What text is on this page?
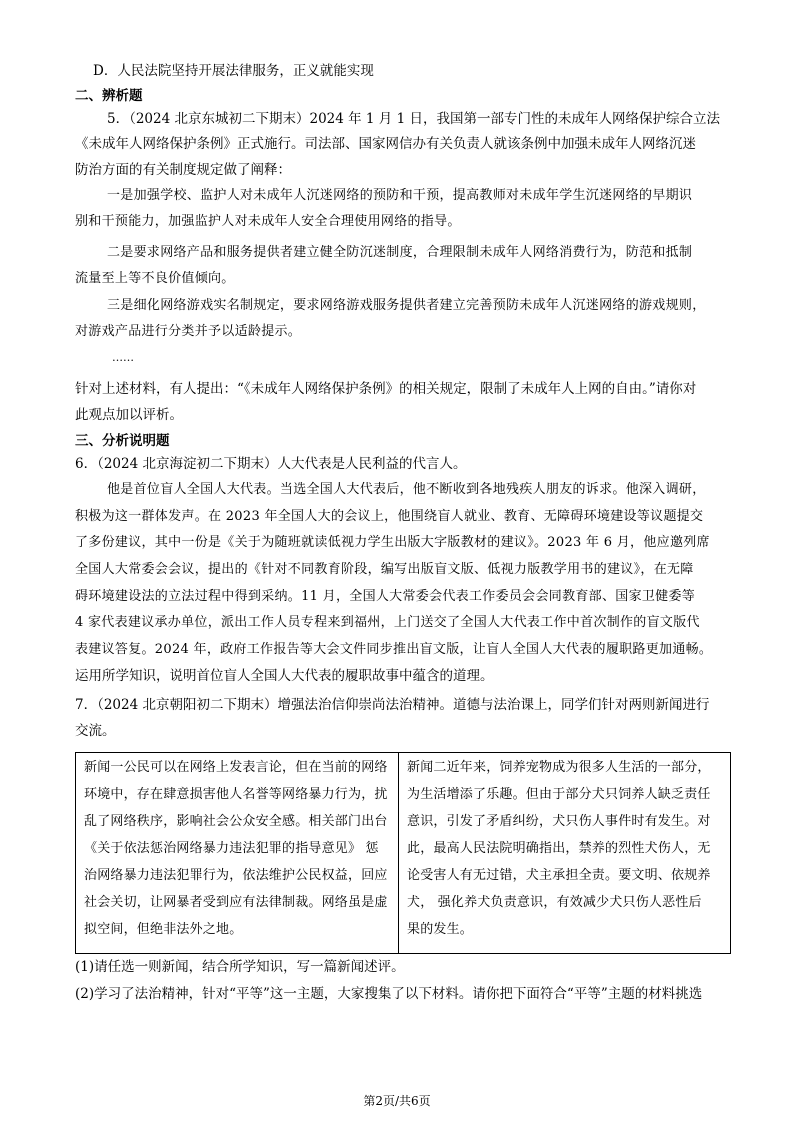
D．人民法院坚持开展法律服务，正义就能实现
二、辨析题
5．（2024 北京东城初二下期末）2024 年 1 月 1 日，我国第一部专门性的未成年人网络保护综合立法
《未成年人网络保护条例》正式施行。司法部、国家网信办有关负责人就该条例中加强未成年人网络沉迷
防治方面的有关制度规定做了阐释：
一是加强学校、监护人对未成年人沉迷网络的预防和干预，提高教师对未成年学生沉迷网络的早期识
别和干预能力，加强监护人对未成年人安全合理使用网络的指导。
二是要求网络产品和服务提供者建立健全防沉迷制度，合理限制未成年人网络消费行为，防范和抵制
流量至上等不良价值倾向。
三是细化网络游戏实名制规定，要求网络游戏服务提供者建立完善预防未成年人沉迷网络的游戏规则，
对游戏产品进行分类并予以适龄提示。
……
针对上述材料，有人提出：“《未成年人网络保护条例》的相关规定，限制了未成年人上网的自由。”请你对
此观点加以评析。
三、分析说明题
6．（2024 北京海淀初二下期末）人大代表是人民利益的代言人。
他是首位盲人全国人大代表。当选全国人大代表后，他不断收到各地残疾人朋友的诉求。他深入调研，
积极为这一群体发声。在 2023 年全国人大的会议上，他围绕盲人就业、教育、无障碍环境建设等议题提交
了多份建议，其中一份是《关于为随班就读低视力学生出版大字版教材的建议》。2023 年 6 月，他应邀列席
全国人大常委会会议，提出的《针对不同教育阶段，编写出版盲文版、低视力版教学用书的建议》，在无障
碍环境建设法的立法过程中得到采纳。11 月，全国人大常委会代表工作委员会会同教育部、国家卫健委等
4 家代表建议承办单位，派出工作人员专程来到福州，上门送交了全国人大代表工作中首次制作的盲文版代
表建议答复。2024 年，政府工作报告等大会文件同步推出盲文版，让盲人全国人大代表的履职路更加通畅。
运用所学知识，说明首位盲人全国人大代表的履职故事中蕴含的道理。
7．（2024 北京朝阳初二下期末）增强法治信仰崇尚法治精神。道德与法治课上，同学们针对两则新闻进行
交流。
新闻一公民可以在网络上发表言论，但在当前的网络
环境中，存在肆意损害他人名誉等网络暴力行为，扰
乱了网络秩序，影响社会公众安全感。相关部门出台
《关于依法惩治网络暴力违法犯罪的指导意见》 惩
治网络暴力违法犯罪行为，依法维护公民权益，回应
社会关切，让网暴者受到应有法律制裁。网络虽是虚
拟空间，但绝非法外之地。
新闻二近年来，饲养宠物成为很多人生活的一部分，
为生活增添了乐趣。但由于部分犬只饲养人缺乏责任
意识，引发了矛盾纠纷，犬只伤人事件时有发生。对
此，最高人民法院明确指出，禁养的烈性犬伤人，无
论受害人有无过错，犬主承担全责。要文明、依规养
犬， 强化养犬负责意识，有效减少犬只伤人恶性后
果的发生。
(1)请任选一则新闻，结合所学知识，写一篇新闻述评。
(2)学习了法治精神，针对“平等”这一主题，大家搜集了以下材料。请你把下面符合“平等”主题的材料挑选
第2页/共6页
